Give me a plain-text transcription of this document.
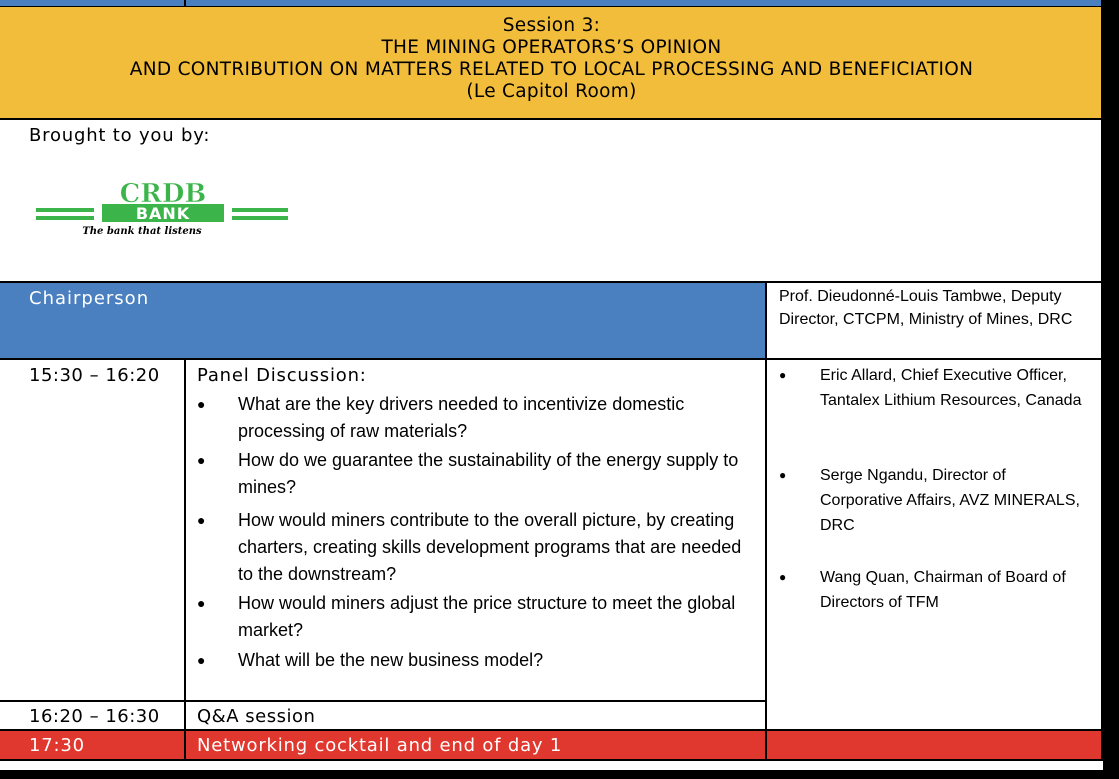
Session 3:
THE MINING OPERATORS’S OPINION
AND CONTRIBUTION ON MATTERS RELATED TO LOCAL PROCESSING AND BENEFICIATION
(Le Capitol Room)
Brought to you by:
CRDB
BANK
The bank that listens
Chairperson	Prof. Dieudonné-Louis Tambwe, Deputy Director, CTCPM, Ministry of Mines, DRC
15:30 – 16:20 Panel Discussion:
● What are the key drivers needed to incentivize domestic processing of raw materials?
● How do we guarantee the sustainability of the energy supply to mines?
● How would miners contribute to the overall picture, by creating charters, creating skills development programs that are needed to the downstream?
● How would miners adjust the price structure to meet the global market?
● What will be the new business model?
● Eric Allard, Chief Executive Officer, Tantalex Lithium Resources, Canada
● Serge Ngandu, Director of Corporative Affairs, AVZ MINERALS, DRC
● Wang Quan, Chairman of Board of Directors of TFM
16:20 – 16:30 Q&A session
17:30	Networking cocktail and end of day 1
